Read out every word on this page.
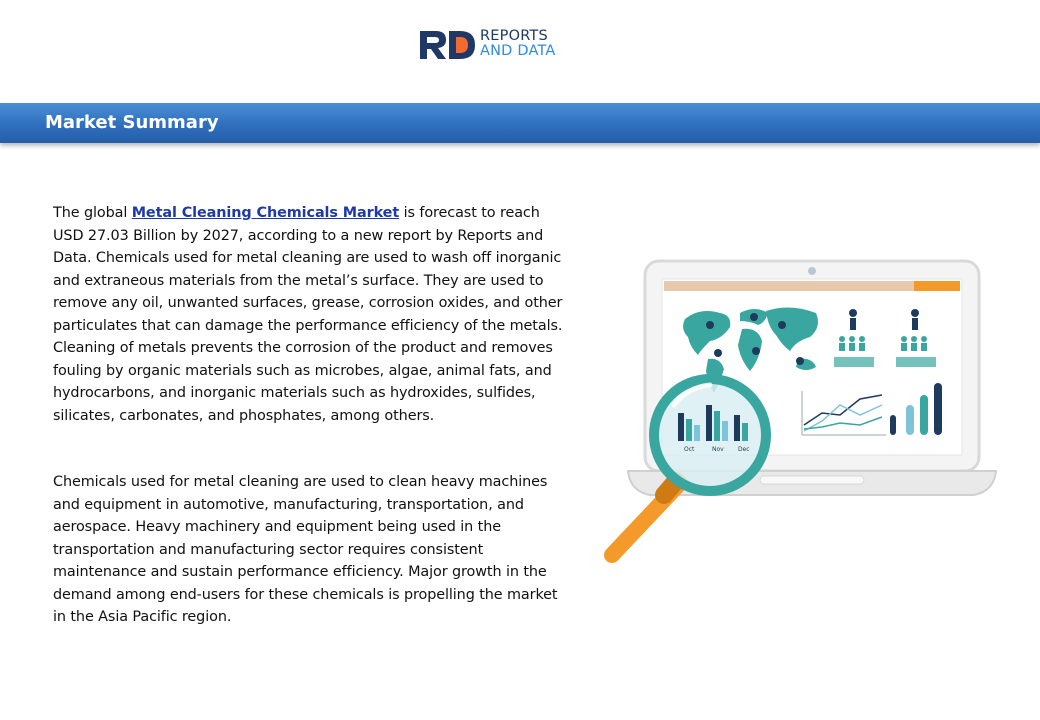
REPORTS
AND DATA
Market Summary
The global Metal Cleaning Chemicals Market is forecast to reach USD 27.03 Billion by 2027, according to a new report by Reports and Data. Chemicals used for metal cleaning are used to wash off inorganic and extraneous materials from the metal’s surface. They are used to remove any oil, unwanted surfaces, grease, corrosion oxides, and other particulates that can damage the performance efficiency of the metals. Cleaning of metals prevents the corrosion of the product and removes fouling by organic materials such as microbes, algae, animal fats, and hydrocarbons, and inorganic materials such as hydroxides, sulfides, silicates, carbonates, and phosphates, among others.
Chemicals used for metal cleaning are used to clean heavy machines and equipment in automotive, manufacturing, transportation, and aerospace. Heavy machinery and equipment being used in the transportation and manufacturing sector requires consistent maintenance and sustain performance efficiency. Major growth in the demand among end-users for these chemicals is propelling the market in the Asia Pacific region.
Oct	Nov Dec
